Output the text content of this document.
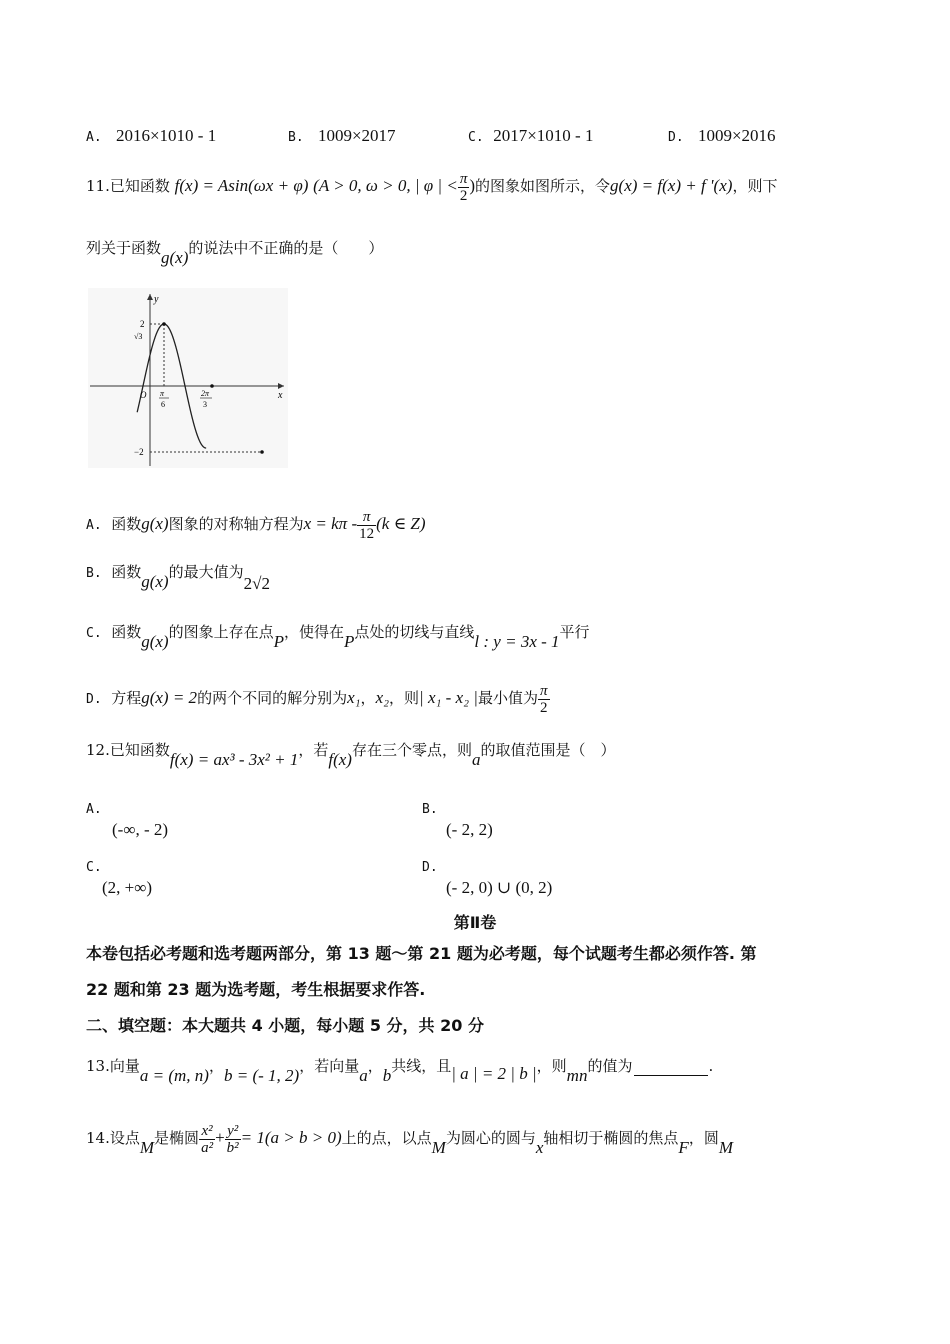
A. 2016×1010 - 1	B. 1009×2017	C. 2017×1010 - 1	D. 1009×2016
11.已知函数 f(x) = Asin(ωx + φ) (A > 0, ω > 0, | φ | < $\frac{\pi}{2}$ )的图象如图所示，令g(x) = f(x) + f '(x)，则下
列关于函数g(x)的说法中不正确的是（　　）
y
x
O
2
√3
−2
π
6
2π
3
A. 函数g(x)图象的对称轴方程为$x = k\pi - \frac{\pi}{12} (k$ ∈ Z)
B. 函数g(x)的最大值为2√2
C. 函数g(x)的图象上存在点P，使得在P点处的切线与直线l : y = 3x - 1平行
D. 方程g(x) = 2的两个不同的解分别为x₁，x₂，则| x₁ - x₂ |最小值为 $\frac{\pi}{2}$
12.已知函数f(x) = ax³ - 3x² + 1，若f(x)存在三个零点，则a的取值范围是（　）
A.
(-∞, - 2)
B.
(- 2, 2)
C.
(2, +∞)
D.
(- 2, 0) ∪ (0, 2)
第Ⅱ卷
本卷包括必考题和选考题两部分，第 13 题～第 21 题为必考题，每个试题考生都必须作答. 第
22 题和第 23 题为选考题，考生根据要求作答.
二、填空题：本大题共 4 小题，每小题 5 分，共 20 分
13.向量a = (m, n)，b = (- 1, 2)，若向量a，b共线，且| a | = 2 | b |，则mn的值为	.
14.设点M是椭圆 $\frac{\text{x²}}{\text{a²}} + \frac{\text{y²}}{\text{b²}} = 1(a > b > 0)$上的点，以点M为圆心的圆与x轴相切于椭圆的焦点F，圆M
